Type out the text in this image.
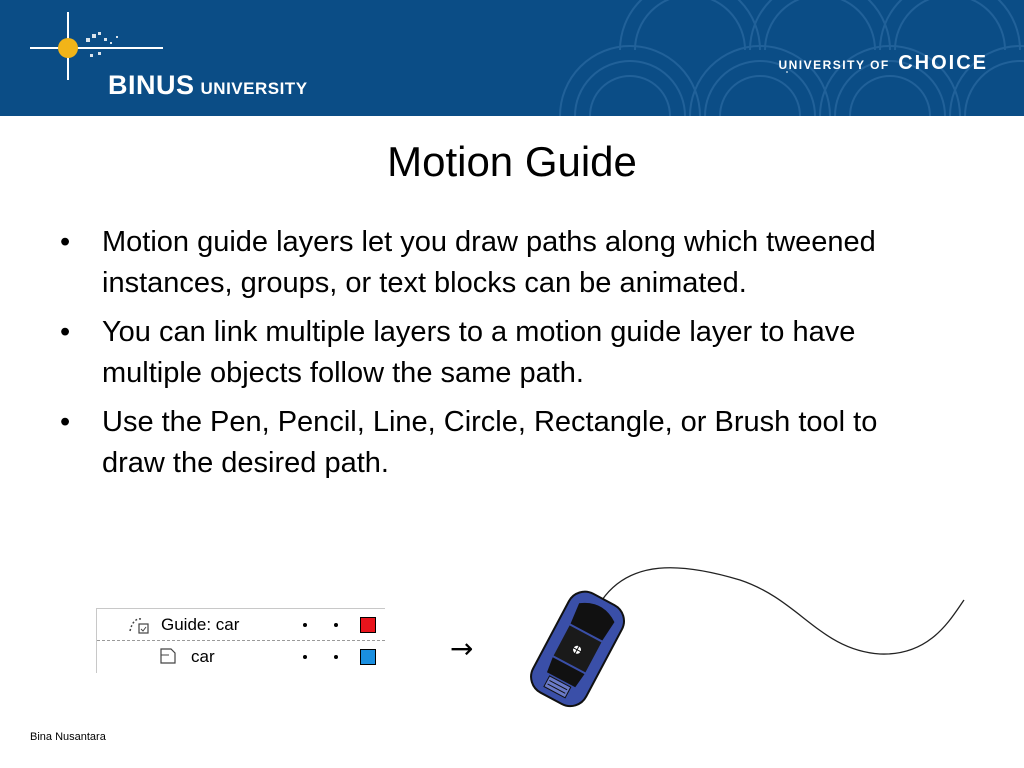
BINUS UNIVERSITY
UNIVERSITY OF CHOICE
Motion Guide
• Motion guide layers let you draw paths along which tweened instances, groups, or text blocks can be animated.
• You can link multiple layers to a motion guide layer to have multiple objects follow the same path.
• Use the Pen, Pencil, Line, Circle, Rectangle, or Brush tool to draw the desired path.
Guide: car
car	→
Bina Nusantara
